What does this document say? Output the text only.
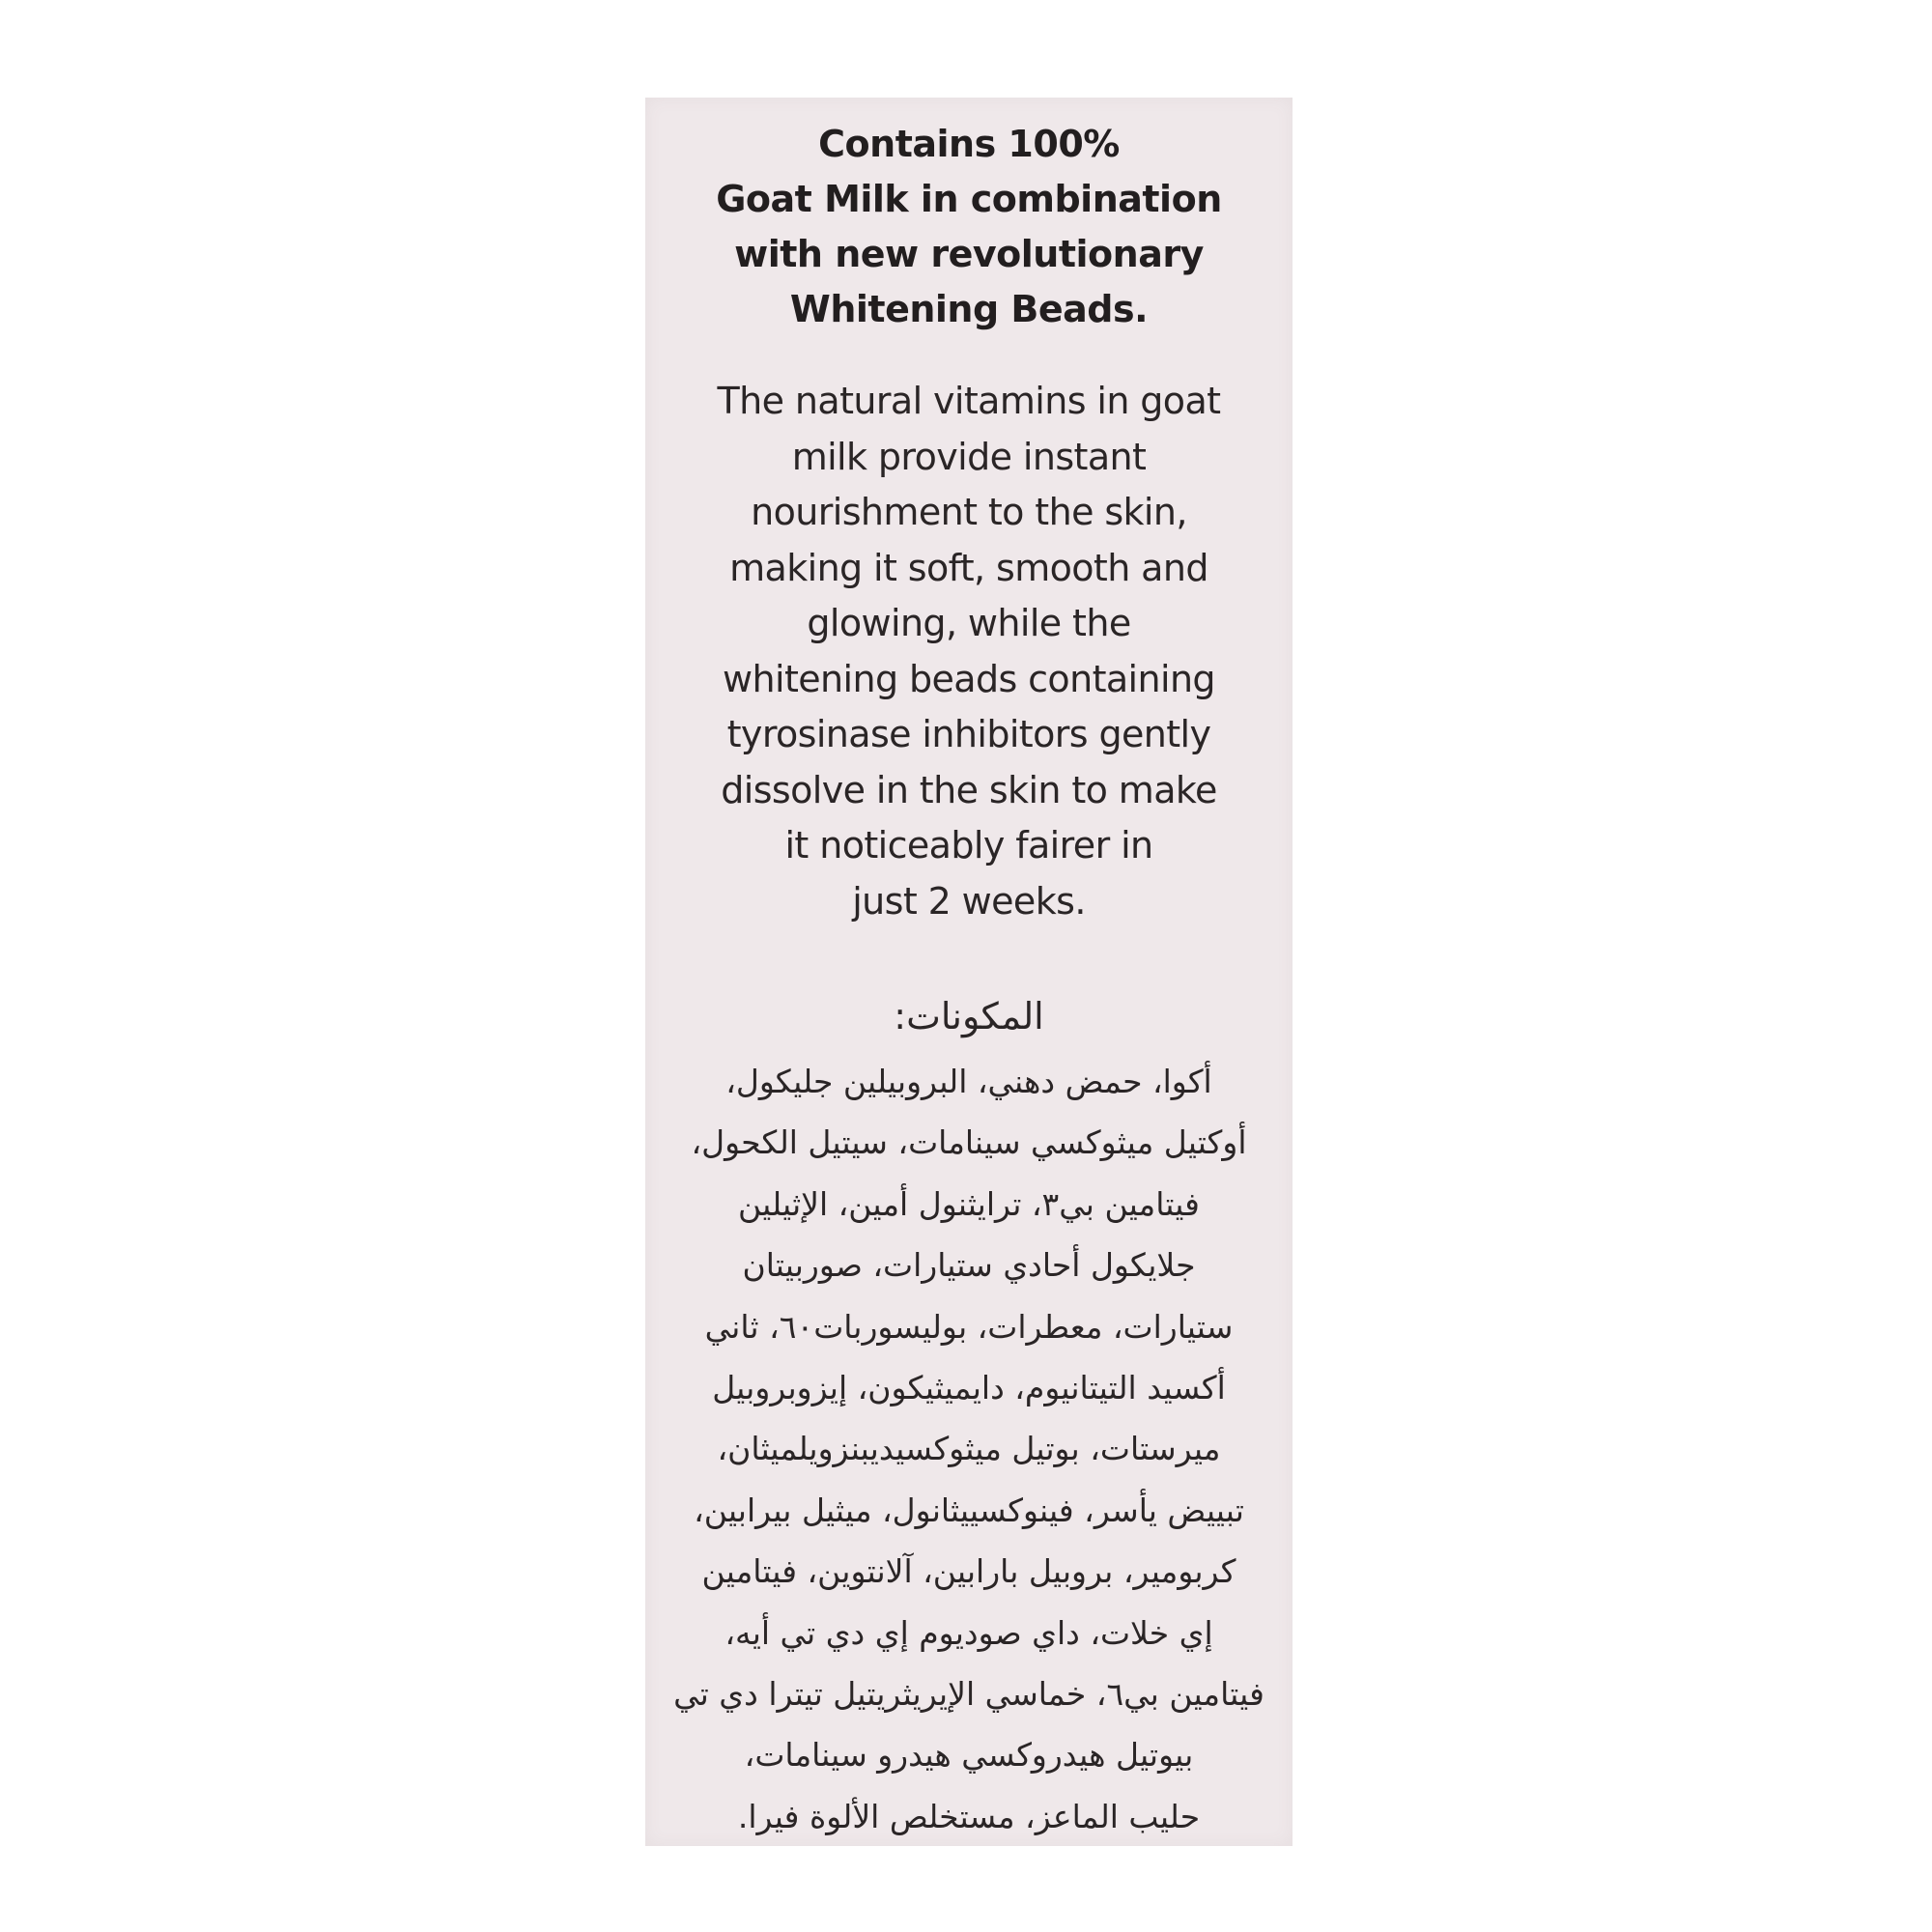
Contains 100%
Goat Milk in combination
with new revolutionary
Whitening Beads.

The natural vitamins in goat
milk provide instant
nourishment to the skin,
making it soft, smooth and
glowing, while the
whitening beads containing
tyrosinase inhibitors gently
dissolve in the skin to make
it noticeably fairer in
just 2 weeks.

المكونات:
أكوا، حمض دهني، البروبيلين جليكول،
أوكتيل ميثوكسي سينامات، سيتيل الكحول،
فيتامين بي٣، ترايثنول أمين، الإثيلين
جلايكول أحادي ستيارات، صوربيتان
ستيارات، معطرات، بوليسوربات٦٠، ثاني
أكسيد التيتانيوم، دايميثيكون، إيزوبروبيل
ميرستات، بوتيل ميثوكسيديبنزويلميثان،
تبييض يأسر، فينوكسييثانول، ميثيل بيرابين،
كربومير، بروبيل بارابين، آلانتوين، فيتامين
إي خلات، داي صوديوم إي دي تي أيه،
فيتامين بي٦، خماسي الإيريثريتيل تيترا دي تي
بيوتيل هيدروكسي هيدرو سينامات،
حليب الماعز، مستخلص الألوة فيرا.
